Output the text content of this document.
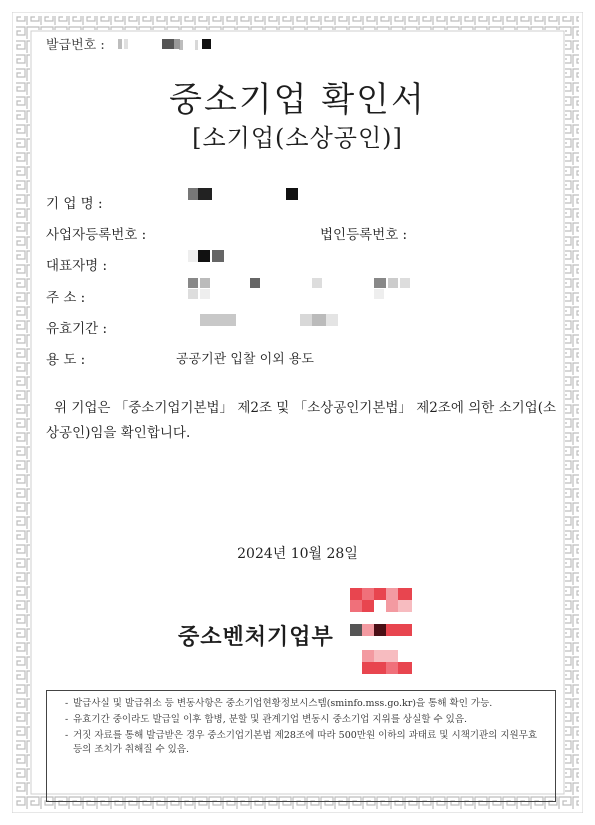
발급번호 :
중소기업 확인서
[소기업(소상공인)]
기 업 명 :
사업자등록번호 :	법인등록번호 :
대표자명 :
주 소 :
유효기간 :
용 도 :	공공기관 입찰 이외 용도
위 기업은 「중소기업기본법」 제2조 및 「소상공인기본법」 제2조에 의한 소기업(소상공인)임을 확인합니다.
2024년 10월 28일
중소벤처기업부
- 발급사실 및 발급취소 등 변동사항은 중소기업현황정보시스템(sminfo.mss.go.kr)을 통해 확인 가능.
- 유효기간 중이라도 발급일 이후 합병, 분할 및 관계기업 변동시 중소기업 지위를 상실할 수 있음.
- 거짓 자료를 통해 발급받은 경우 중소기업기본법 제28조에 따라 500만원 이하의 과태료 및 시책기관의 지원무효 등의 조치가 취해질 수 있음.
